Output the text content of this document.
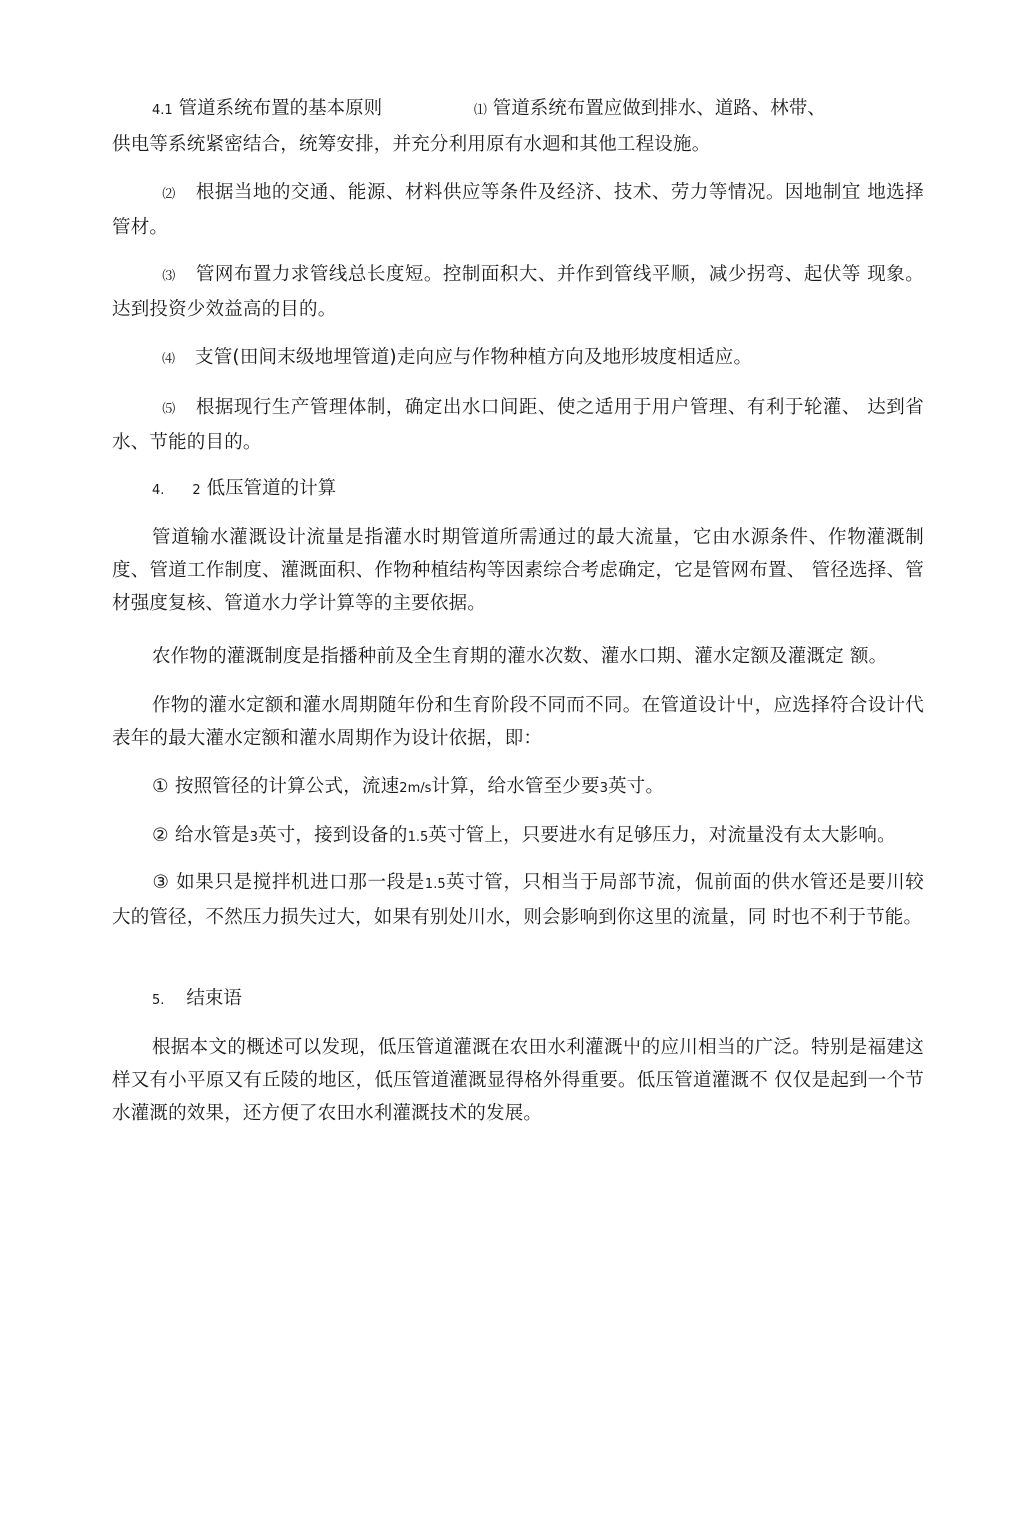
4.1 管道系统布置的基本原则	⑴ 管道系统布置应做到排水、道路、林带、

供电等系统紧密结合，统筹安排，并充分利用原有水迴和其他工程设施。

⑵ 根据当地的交通、能源、材料供应等条件及经济、技术、劳力等情况。因地制宜 地选择管材。

⑶ 管网布置力求管线总长度短。控制面积大、并作到管线平顺，减少拐弯、起伏等 现象。达到投资少效益高的目的。

⑷ 支管(田间末级地埋管道)走向应与作物种植方向及地形坡度相适应。

⑸ 根据现行生产管理体制，确定出水口间距、使之适用于用户管理、有利于轮灌、 达到省水、节能的目的。

4. 2 低压管道的计算

管道输水灌溉设计流量是指灌水时期管道所需通过的最大流量，它由水源条件、作物灌溉制度、管道工作制度、灌溉面积、作物种植结构等因素综合考虑确定，它是管网布置、 管径选择、管材强度复核、管道水力学计算等的主要依据。

农作物的灌溉制度是指播种前及全生育期的灌水次数、灌水口期、灌水定额及灌溉定 额。

作物的灌水定额和灌水周期随年份和生育阶段不同而不同。在管道设计屮，应选择符合设计代表年的最大灌水定额和灌水周期作为设计依据，即：

① 按照管径的计算公式，流速2m/s计算，给水管至少要3英寸。

② 给水管是3英寸，接到设备的1.5英寸管上，只要进水有足够压力，对流量没有太大影响。

③ 如果只是搅拌机进口那一段是1.5英寸管，只相当于局部节流，侃前面的供水管还是要川较大的管径，不然压力损失过大，如果有别处川水，则会影响到你这里的流量，同 时也不利于节能。

5. 结束语

根据本文的概述可以发现，低压管道灌溉在农田水利灌溉屮的应川相当的广泛。特别是福建这样又有小平原又有丘陵的地区，低压管道灌溉显得格外得重要。低压管道灌溉不 仅仅是起到一个节水灌溉的效果，还方便了农田水利灌溉技术的发展。
